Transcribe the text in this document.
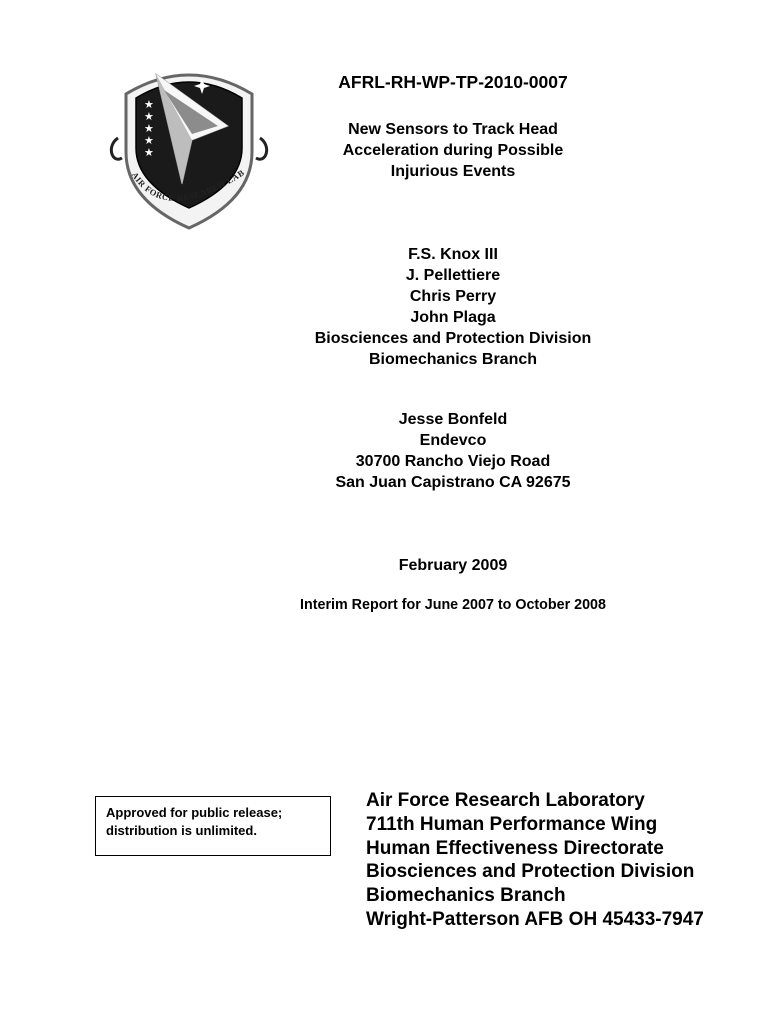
★
★
★
★
★
AIR FORCE RESEARCH LAB
AFRL-RH-WP-TP-2010-0007
New Sensors to Track Head
Acceleration during Possible
Injurious Events
F.S. Knox III
J. Pellettiere
Chris Perry
John Plaga
Biosciences and Protection Division
Biomechanics Branch
Jesse Bonfeld
Endevco
30700 Rancho Viejo Road
San Juan Capistrano CA 92675
February 2009
Interim Report for June 2007 to October 2008
Approved for public release;
distribution is unlimited.
Air Force Research Laboratory
711th Human Performance Wing
Human Effectiveness Directorate
Biosciences and Protection Division
Biomechanics Branch
Wright-Patterson AFB OH 45433-7947
